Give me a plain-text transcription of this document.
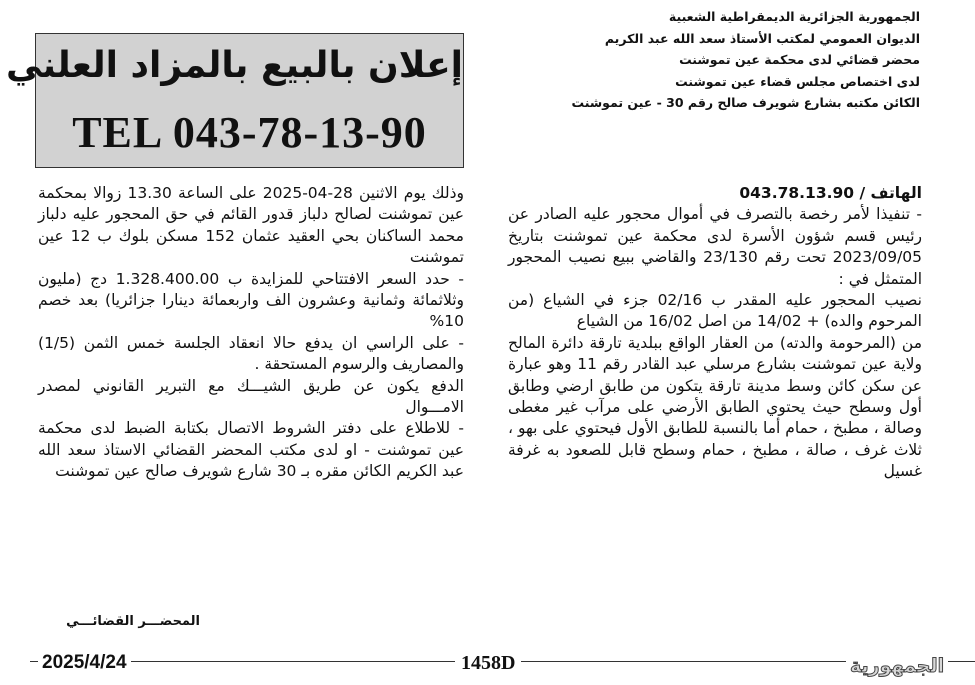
الجمهورية الجزائرية الديمقراطية الشعبية
الديوان العمومي لمكتب الأستاذ سعد الله عبد الكريم
محضر قضائي لدى محكمة عين تموشنت
لدى اختصاص مجلس قضاء عين تموشنت
الكائن مكتبه بشارع شويرف صالح رقم 30 - عين تموشنت
إعلان بالبيع بالمزاد العلني
TEL 043-78-13-90

الهاتف / 043.78.13.90

- تنفيذا لأمر رخصة بالتصرف في أموال محجور عليه الصادر عن رئيس قسم شؤون الأسرة لدى محكمة عين تموشنت بتاريخ 2023/09/05 تحت رقم 23/130 والقاضي ببيع نصيب المحجور المتمثل في :

نصيب المحجور عليه المقدر ب 02/16 جزء في الشياع (من المرحوم والده) + 14/02 من اصل 16/02 من الشياع

من (المرحومة والدته) من العقار الواقع ببلدية تارقة دائرة المالح ولاية عين تموشنت بشارع مرسلي عبد القادر رقم 11 وهو عبارة عن سكن كائن وسط مدينة تارقة يتكون من طابق ارضي وطابق أول وسطح حيث يحتوي الطابق الأرضي على مرآب غير مغطى وصالة ، مطبخ ، حمام أما بالنسبة للطابق الأول فيحتوي على بهو ، ثلاث غرف ، صالة ، مطبخ ، حمام وسطح قابل للصعود به غرفة غسيل

وذلك يوم الاثنين 28-04-2025 على الساعة 13.30 زوالا بمحكمة عين تموشنت لصالح دلباز قدور القائم في حق المحجور عليه دلباز محمد الساكنان بحي العقيد عثمان 152 مسكن بلوك ب 12 عين تموشنت

- حدد السعر الافتتاحي للمزايدة ب 1.328.400.00 دج (مليون وثلاثمائة وثمانية وعشرون الف واربعمائة دينارا جزائريا) بعد خصم 10%

- على الراسي ان يدفع حالا انعقاد الجلسة خمس الثمن (1/5) والمصاريف والرسوم المستحقة .

الدفع يكون عن طريق الشيـــك مع التبرير القانوني لمصدر الامـــوال

- للاطلاع على دفتر الشروط الاتصال بكتابة الضبط لدى محكمة عين تموشنت - او لدى مكتب المحضر القضائي الاستاذ سعد الله عبد الكريم الكائن مقره بـ 30 شارع شويرف صالح عين تموشنت

المحضـــر القضائـــي
2025/4/24	1458D	الجمهورية
